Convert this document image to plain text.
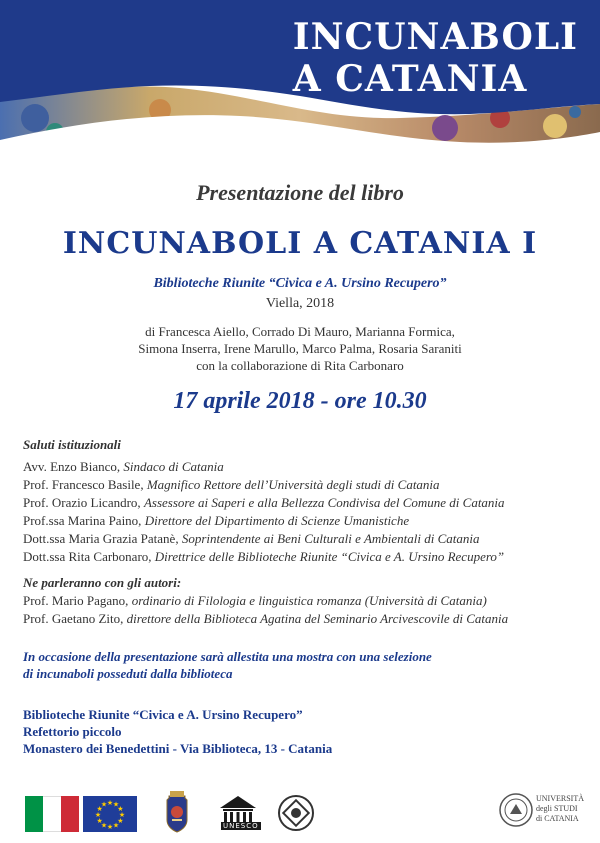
INCUNABOLI
A CATANIA
Presentazione del libro
INCUNABOLI A CATANIA I
Biblioteche Riunite “Civica e A. Ursino Recupero”
Viella, 2018
di Francesca Aiello, Corrado Di Mauro, Marianna Formica,
Simona Inserra, Irene Marullo, Marco Palma, Rosaria Saraniti
con la collaborazione di Rita Carbonaro
17 aprile 2018 - ore 10.30
Saluti istituzionali
Avv. Enzo Bianco, Sindaco di Catania
Prof. Francesco Basile, Magnifico Rettore dell’Università degli studi di Catania
Prof. Orazio Licandro, Assessore ai Saperi e alla Bellezza Condivisa del Comune di Catania
Prof.ssa Marina Paino, Direttore del Dipartimento di Scienze Umanistiche
Dott.ssa Maria Grazia Patanè, Soprintendente ai Beni Culturali e Ambientali di Catania
Dott.ssa Rita Carbonaro, Direttrice delle Biblioteche Riunite “Civica e A. Ursino Recupero”
Ne parleranno con gli autori:
Prof. Mario Pagano, ordinario di Filologia e linguistica romanza (Università di Catania)
Prof. Gaetano Zito, direttore della Biblioteca Agatina del Seminario Arcivescovile di Catania
In occasione della presentazione sarà allestita una mostra con una selezione
di incunaboli posseduti dalla biblioteca
Biblioteche Riunite “Civica e A. Ursino Recupero”
Refettorio piccolo
Monastero dei Benedettini - Via Biblioteca, 13 - Catania
★ ★
★
★
★
★
★
★
★
★
★
★
UNESCO
UNIVERSITÀ
degli STUDI
di CATANIA
